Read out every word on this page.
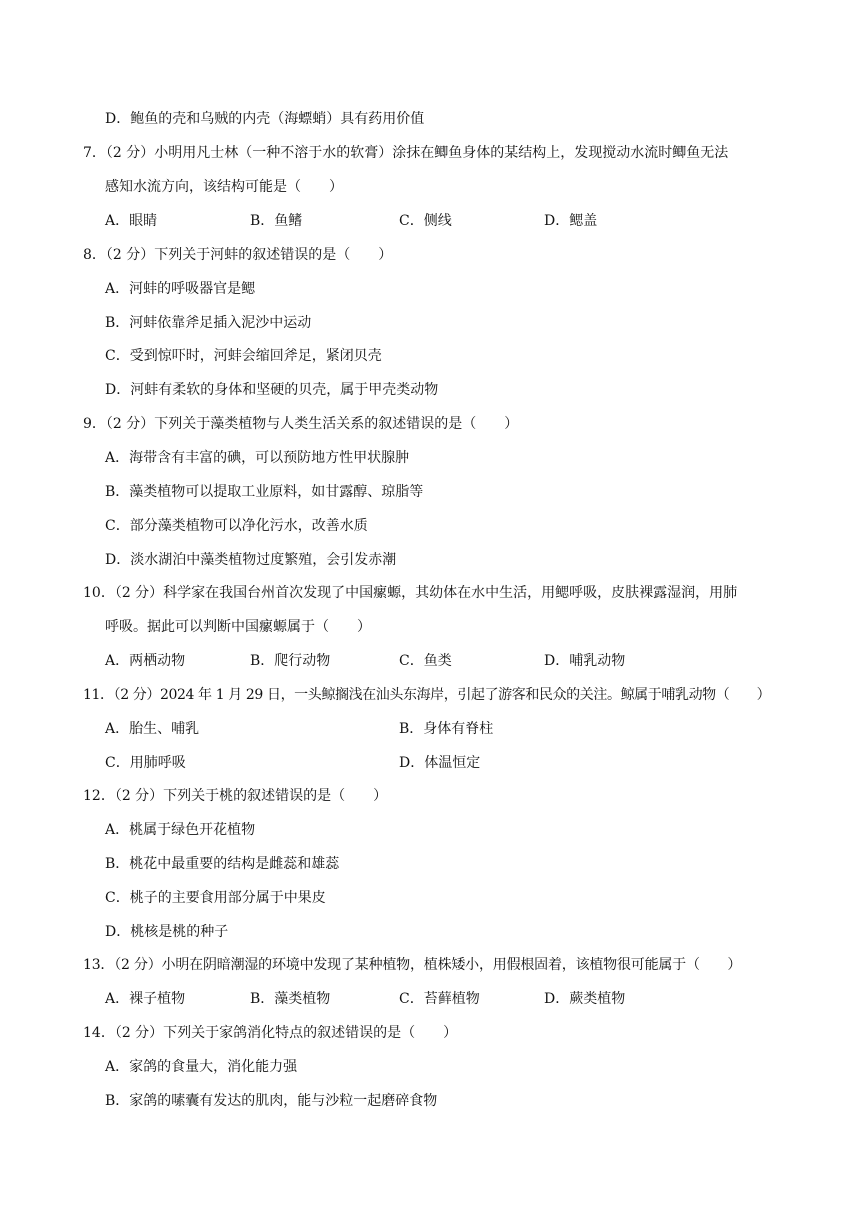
D．鲍鱼的壳和乌贼的内壳（海螵蛸）具有药用价值
7．（2 分）小明用凡士林（一种不溶于水的软膏）涂抹在鲫鱼身体的某结构上，发现搅动水流时鲫鱼无法
感知水流方向，该结构可能是（　　）
A．眼睛	B．鱼鳍	C．侧线	D．鳃盖
8．（2 分）下列关于河蚌的叙述错误的是（　　）
A．河蚌的呼吸器官是鳃
B．河蚌依靠斧足插入泥沙中运动
C．受到惊吓时，河蚌会缩回斧足，紧闭贝壳
D．河蚌有柔软的身体和坚硬的贝壳，属于甲壳类动物
9．（2 分）下列关于藻类植物与人类生活关系的叙述错误的是（　　）
A．海带含有丰富的碘，可以预防地方性甲状腺肿
B．藻类植物可以提取工业原料，如甘露醇、琼脂等
C．部分藻类植物可以净化污水，改善水质
D．淡水湖泊中藻类植物过度繁殖，会引发赤潮
10．（2 分）科学家在我国台州首次发现了中国瘰螈，其幼体在水中生活，用鳃呼吸，皮肤裸露湿润，用肺
呼吸。据此可以判断中国瘰螈属于（　　）
A．两栖动物	B．爬行动物	C．鱼类	D．哺乳动物
11．（2 分）2024 年 1 月 29 日，一头鲸搁浅在汕头东海岸，引起了游客和民众的关注。鲸属于哺乳动物（　　）
A．胎生、哺乳	B．身体有脊柱
C．用肺呼吸	D．体温恒定
12．（2 分）下列关于桃的叙述错误的是（　　）
A．桃属于绿色开花植物
B．桃花中最重要的结构是雌蕊和雄蕊
C．桃子的主要食用部分属于中果皮
D．桃核是桃的种子
13．（2 分）小明在阴暗潮湿的环境中发现了某种植物，植株矮小，用假根固着，该植物很可能属于（　　）
A．裸子植物	B．藻类植物	C．苔藓植物	D．蕨类植物
14．（2 分）下列关于家鸽消化特点的叙述错误的是（　　）
A．家鸽的食量大，消化能力强
B．家鸽的嗉囊有发达的肌肉，能与沙粒一起磨碎食物
